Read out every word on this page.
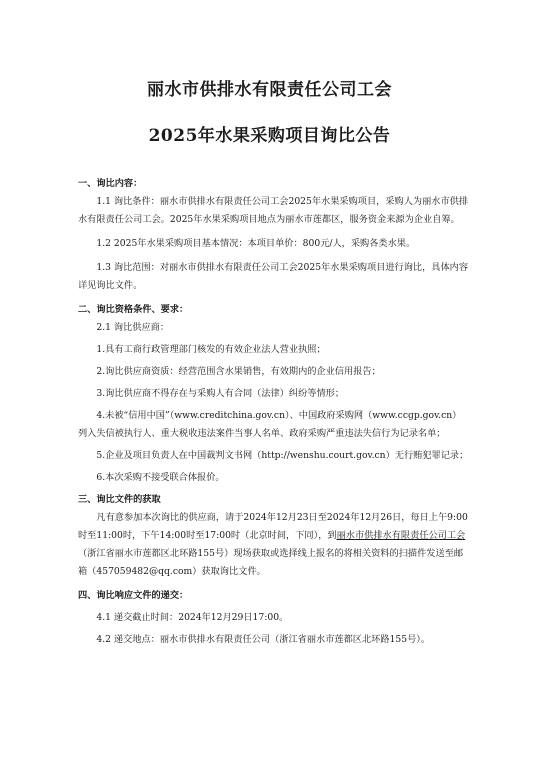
丽水市供排水有限责任公司工会
2025年水果采购项目询比公告

一、询比内容：

1.1 询比条件：丽水市供排水有限责任公司工会2025年水果采购项目，采购人为丽水市供排水有限责任公司工会。2025年水果采购项目地点为丽水市莲都区，服务资金来源为企业自筹。

1.2 2025年水果采购项目基本情况：本项目单价：800元/人，采购各类水果。

1.3 询比范围：对丽水市供排水有限责任公司工会2025年水果采购项目进行询比，具体内容详见询比文件。

二、询比资格条件、要求：

2.1 询比供应商：

1.具有工商行政管理部门核发的有效企业法人营业执照；

2.询比供应商资质：经营范围含水果销售，有效期内的企业信用报告；

3.询比供应商不得存在与采购人有合同（法律）纠纷等情形；

4.未被“信用中国”（www.creditchina.gov.cn）、中国政府采购网（www.ccgp.gov.cn）列入失信被执行人、重大税收违法案件当事人名单、政府采购严重违法失信行为记录名单；

5.企业及项目负责人在中国裁判文书网（http://wenshu.court.gov.cn）无行贿犯罪记录；

6.本次采购不接受联合体报价。

三、询比文件的获取

凡有意参加本次询比的供应商，请于2024年12月23日至2024年12月26日，每日上午9:00时至11:00时，下午14:00时至17:00时（北京时间，下同），到丽水市供排水有限责任公司工会（浙江省丽水市莲都区北环路155号）现场获取或选择线上报名的将相关资料的扫描件发送至邮箱（457059482@qq.com）获取询比文件。

四、询比响应文件的递交：

4.1 递交截止时间：2024年12月29日17:00。

4.2 递交地点：丽水市供排水有限责任公司（浙江省丽水市莲都区北环路155号）。
